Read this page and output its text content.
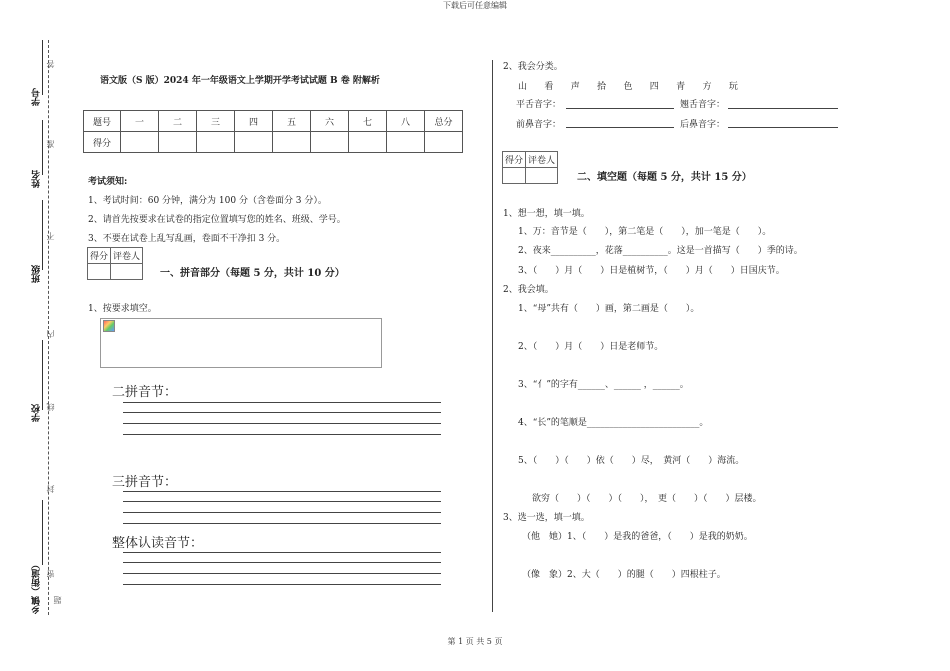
下载后可任意编辑
学号
姓名
班级
学校
乡镇（街道）
答
准
不
内
线
封
密
题
语文版（S 版）2024 年一年级语文上学期开学考试试题 B 卷 附解析
题号	一	二	三	四	五	六	七	八	总分
得分									
考试须知:
1、考试时间：60 分钟，满分为 100 分（含卷面分 3 分）。
2、请首先按要求在试卷的指定位置填写您的姓名、班级、学号。
3、不要在试卷上乱写乱画，卷面不干净扣 3 分。
得分	评卷人

一、拼音部分（每题 5 分，共计 10 分）
1、按要求填空。
二拼音节：
三拼音节：
整体认读音节：
2、我会分类。
山 看 声 拾 色 四 青 方 玩
平舌音字：	翘舌音字：
前鼻音字：	后鼻音字：
得分	评卷人

二、填空题（每题 5 分，共计 15 分）
1、想一想，填一填。
1、万：音节是（　　），第二笔是（　　），加一笔是（　　）。
2、夜来__________，花落__________。这是一首描写（　　）季的诗。
3、（　　）月（　　）日是植树节，（　　）月（　　）日国庆节。
2、我会填。
1、“母”共有（　　）画，第二画是（　　）。
2、（　　）月（　　）日是老师节。
3、“亻”的字有______、______ ，______。
4、“长”的笔顺是_________________________。
5、（　　）（　　）依（　　）尽，　黄河（　　）海流。
欲穷（　　）（　　）（　　），　更（　　）（　　）层楼。
3、选一选，填一填。
（他　她）1、（　　）是我的爸爸，（　　）是我的奶奶。
（像　象）2、大（　　）的腿（　　）四根柱子。
第 1 页 共 5 页
